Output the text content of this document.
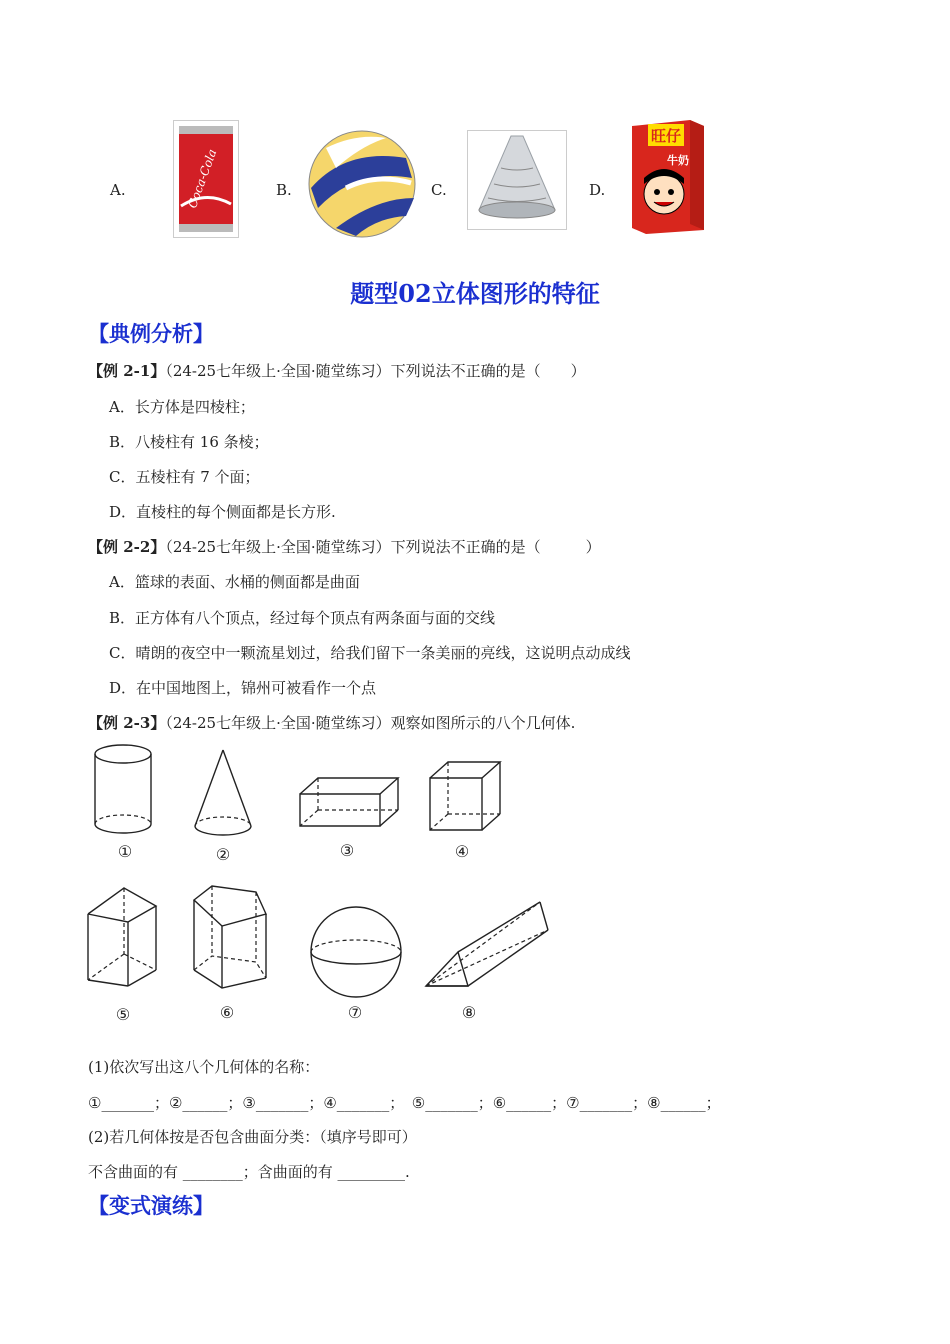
A.	Coca-Cola	B.	C.	D.
旺仔
牛奶
题型02立体图形的特征
【典例分析】
【例 2-1】（24-25七年级上·全国·随堂练习）下列说法不正确的是（　　）
A．长方体是四棱柱；
B．八棱柱有 16 条棱；
C．五棱柱有 7 个面；
D．直棱柱的每个侧面都是长方形.
【例 2-2】（24-25七年级上·全国·随堂练习）下列说法不正确的是（　　　）
A．篮球的表面、水桶的侧面都是曲面
B．正方体有八个顶点，经过每个顶点有两条面与面的交线
C．晴朗的夜空中一颗流星划过，给我们留下一条美丽的亮线，这说明点动成线
D．在中国地图上，锦州可被看作一个点
【例 2-3】（24-25七年级上·全国·随堂练习）观察如图所示的八个几何体.
①	②	③	④
⑤	⑥	⑦	⑧
(1)依次写出这八个几何体的名称：
①_______；②______；③_______；④_______；　⑤_______；⑥______；⑦_______；⑧______；
(2)若几何体按是否包含曲面分类：（填序号即可）
不含曲面的有 ________；含曲面的有 _________.
【变式演练】
